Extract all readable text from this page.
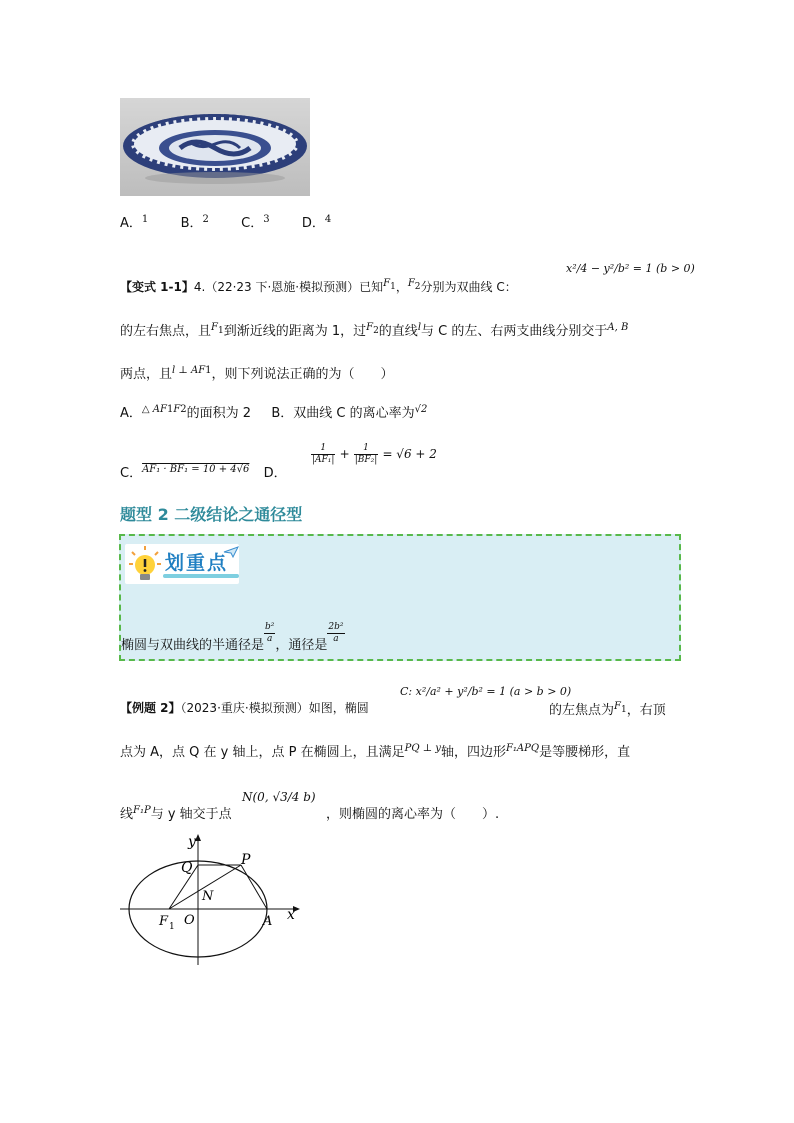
A．$^1$ B．$^2$ C．$^3$ D．$^4$
【变式 1-1】4.（22·23 下·恩施·模拟预测）已知$^{F1}$，$^{F2}$分别为双曲线 C：
x²/4 − y²/b² = 1 (b > 0)
的左右焦点，且$^{F1}$到渐近线的距离为 1，过$^{F2}$的直线$^l$与 C 的左、右两支曲线分别交于$^{A, B}$
两点，且$^{l \perp AF1}$，则下列说法正确的为（　　）
A．$^{\triangle AF1F2}$的面积为 2 B．双曲线 C 的离心率为$^{√2}$
C．$^{AF_1 \cdot BF_1 = 10 + 4√6}$ D．
$\frac{1}{\text{|AF₁|}} + \frac{1}{\text{|BF₂|}} = √6 + 2$
题型 2 二级结论之通径型
划重点
椭圆与双曲线的半通径是
$\frac{\text{b²}}{a}$
，通径是
$\frac{\text{2b²}}{a}$
【例题 2】（2023·重庆·模拟预测）如图，椭圆
C: x²/a² + y²/b² = 1 (a > b > 0)
的左焦点为$^{F1}$，右顶
点为 A，点 Q 在 y 轴上，点 P 在椭圆上，且满足$^{PQ \perp y}$轴，四边形$^{F_1APQ}$是等腰梯形，直
线$^{F_1P}$与 y 轴交于点
N(0, √3/4 b)
，则椭圆的离心率为（　　）.
y
x
P
Q
N
O	A
F 1
